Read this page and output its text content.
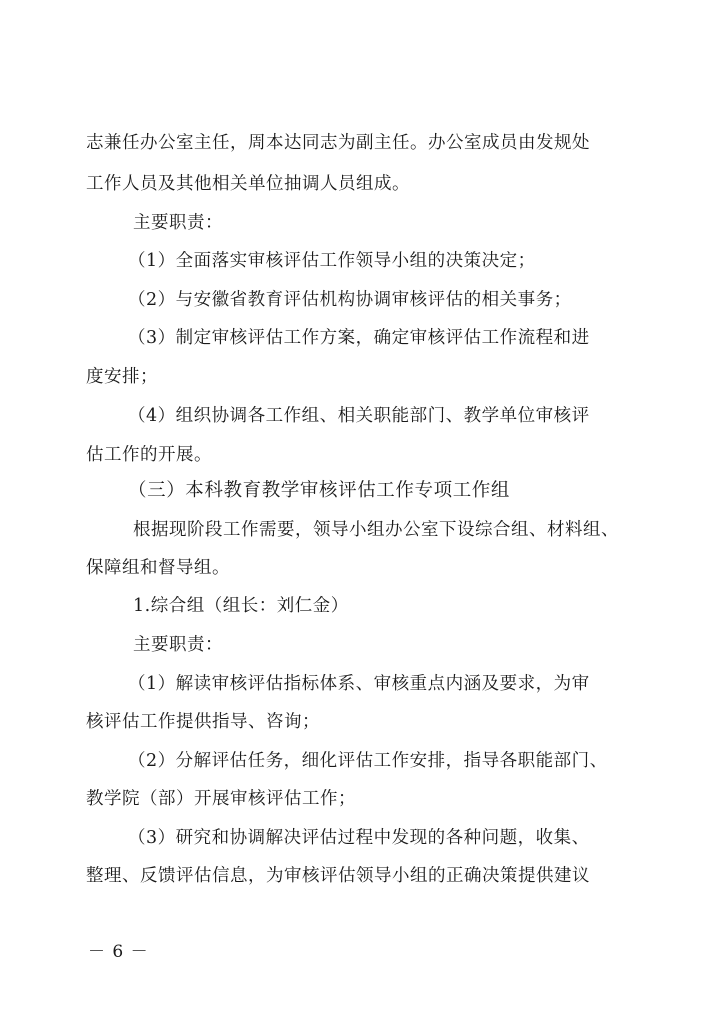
志兼任办公室主任，周本达同志为副主任。办公室成员由发规处
工作人员及其他相关单位抽调人员组成。
主要职责：
（1）全面落实审核评估工作领导小组的决策决定；
（2）与安徽省教育评估机构协调审核评估的相关事务；
（3）制定审核评估工作方案，确定审核评估工作流程和进
度安排；
（4）组织协调各工作组、相关职能部门、教学单位审核评
估工作的开展。
（三）本科教育教学审核评估工作专项工作组
根据现阶段工作需要，领导小组办公室下设综合组、材料组、
保障组和督导组。
1.综合组（组长：刘仁金）
主要职责：
（1）解读审核评估指标体系、审核重点内涵及要求，为审
核评估工作提供指导、咨询；
（2）分解评估任务，细化评估工作安排，指导各职能部门、
教学院（部）开展审核评估工作；
（3）研究和协调解决评估过程中发现的各种问题，收集、
整理、反馈评估信息，为审核评估领导小组的正确决策提供建议
－ 6 －
